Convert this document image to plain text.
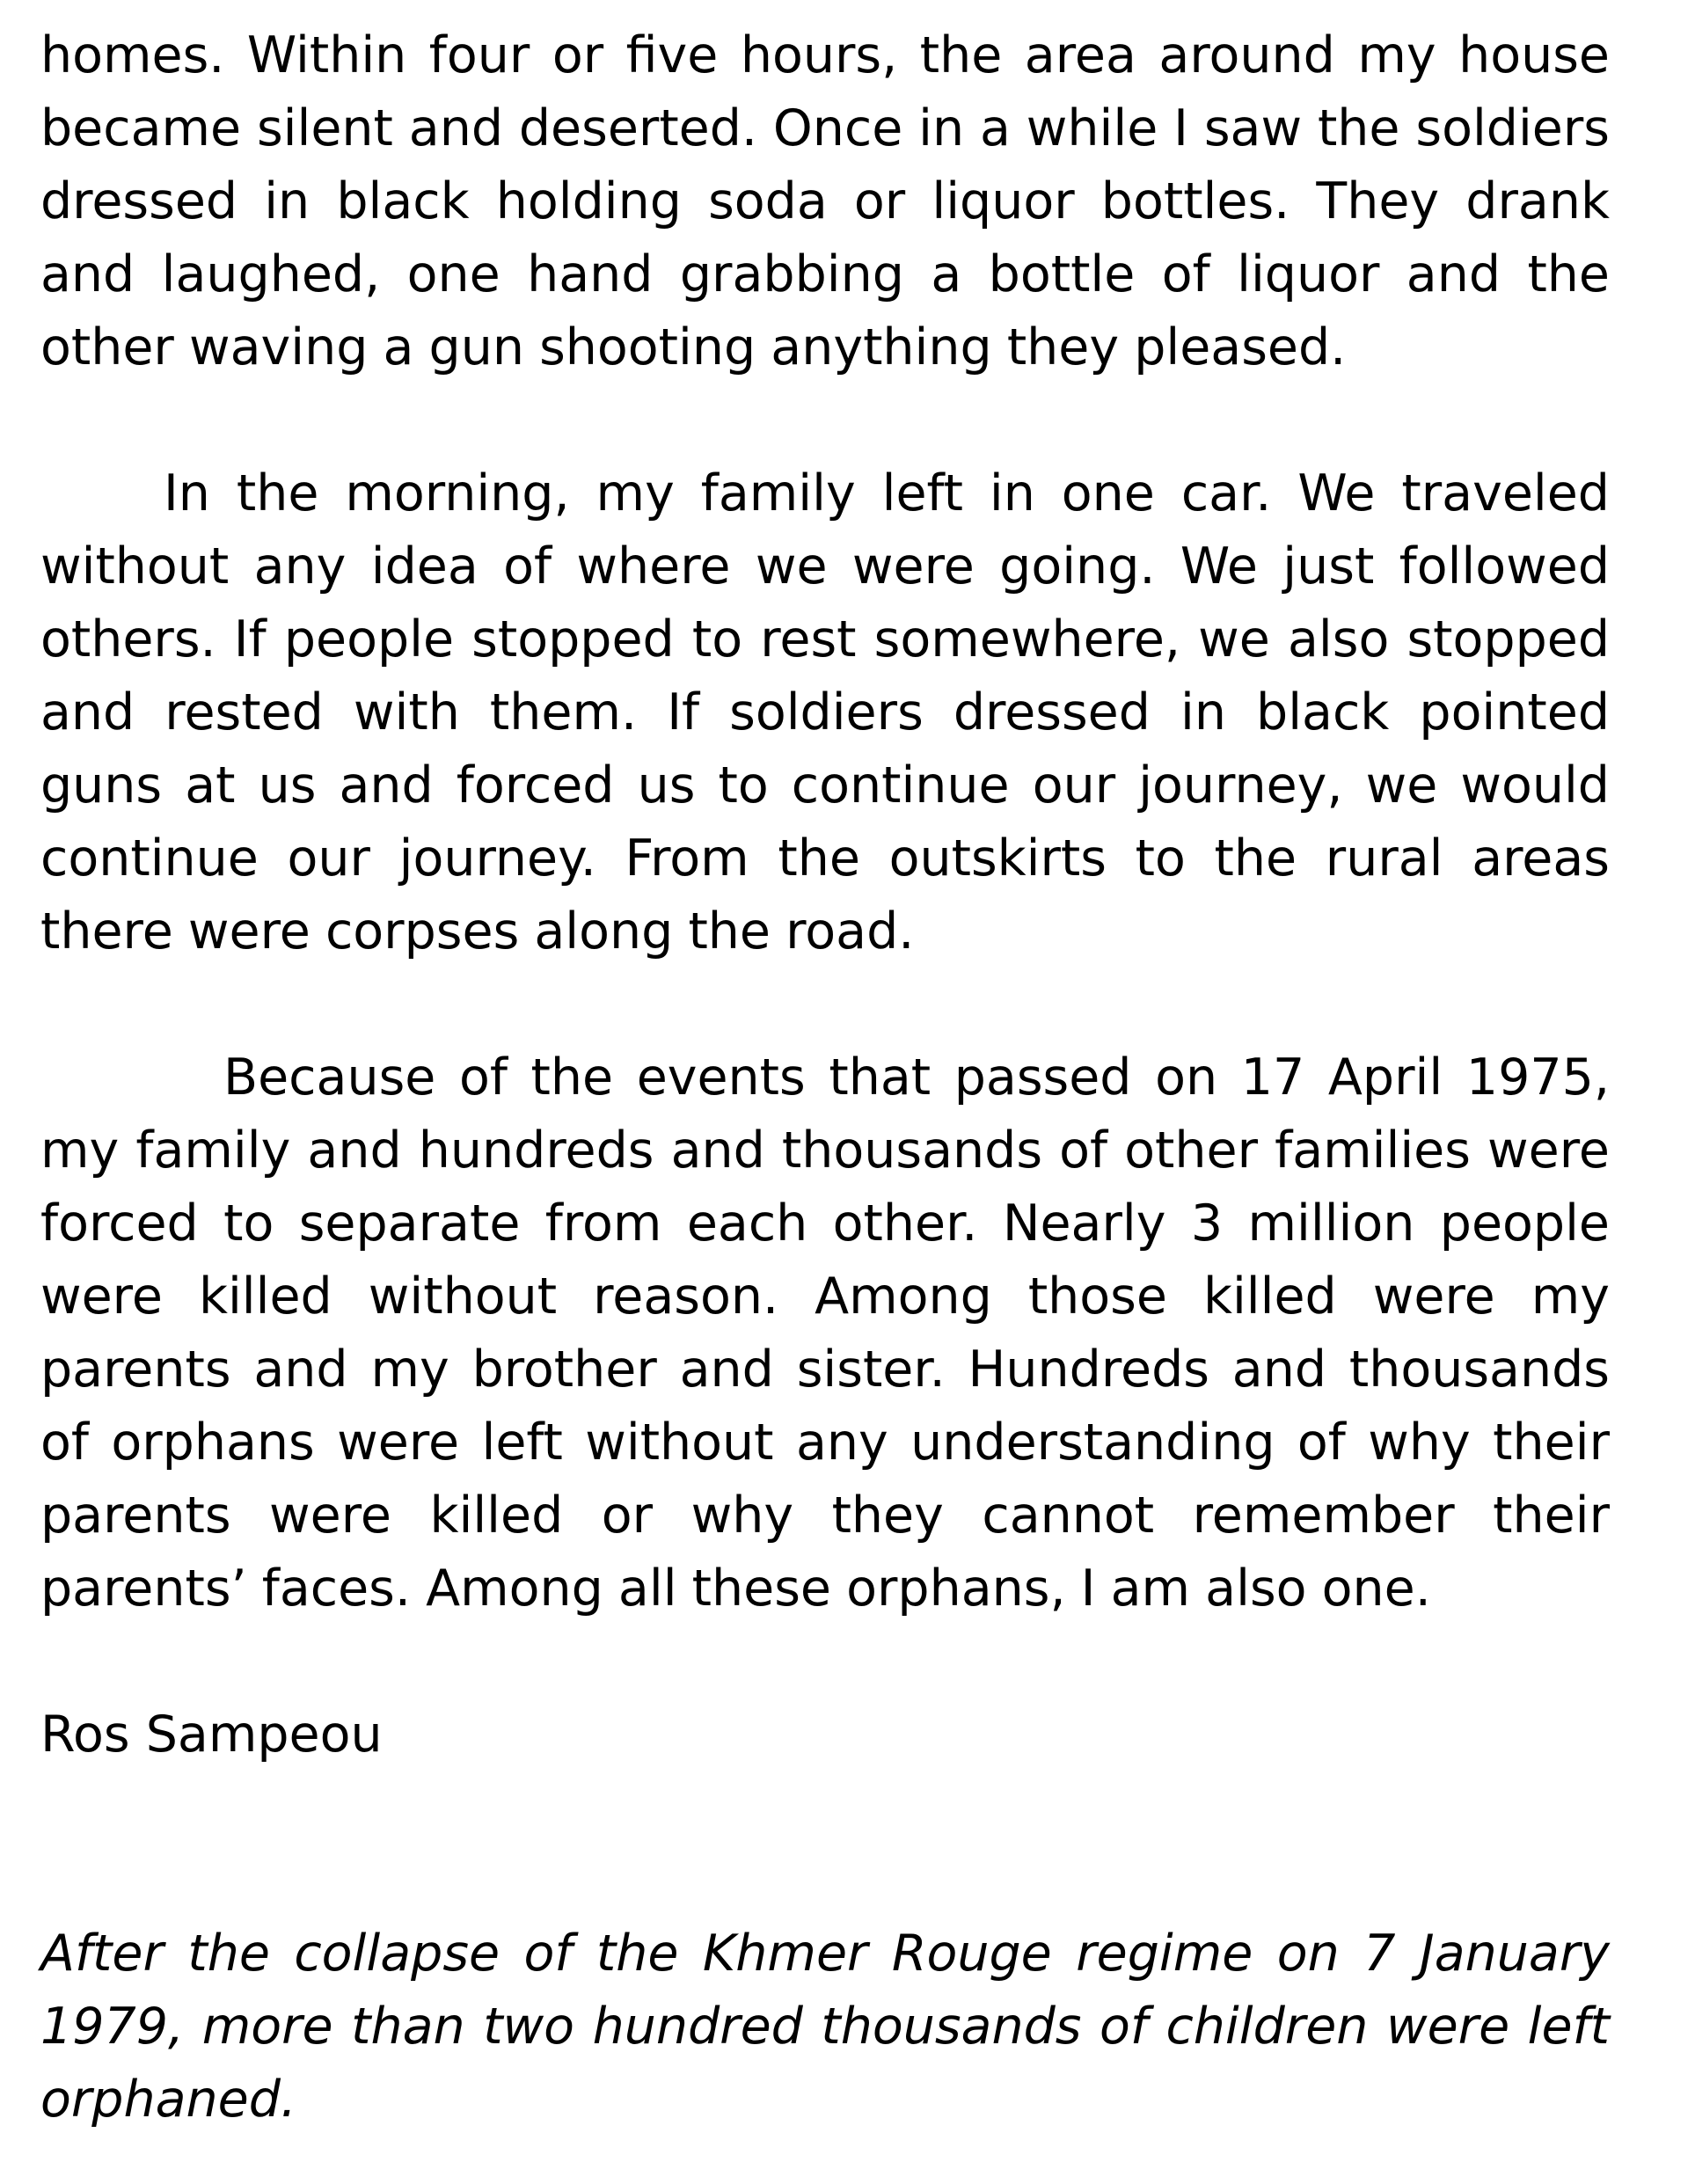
homes. Within four or five hours, the area around my house became silent and deserted. Once in a while I saw the soldiers dressed in black holding soda or liquor bottles. They drank and laughed, one hand grabbing a bottle of liquor and the other waving a gun shooting anything they pleased.

In the morning, my family left in one car. We traveled without any idea of where we were going. We just followed others. If people stopped to rest somewhere, we also stopped and rested with them. If soldiers dressed in black pointed guns at us and forced us to continue our journey, we would continue our journey. From the outskirts to the rural areas there were corpses along the road.

Because of the events that passed on 17 April 1975, my family and hundreds and thousands of other families were forced to separate from each other. Nearly 3 million people were killed without reason. Among those killed were my parents and my brother and sister. Hundreds and thousands of orphans were left without any understanding of why their parents were killed or why they cannot remember their parents’ faces. Among all these orphans, I am also one.

Ros Sampeou

After the collapse of the Khmer Rouge regime on 7 January 1979, more than two hundred thousands of children were left orphaned.
